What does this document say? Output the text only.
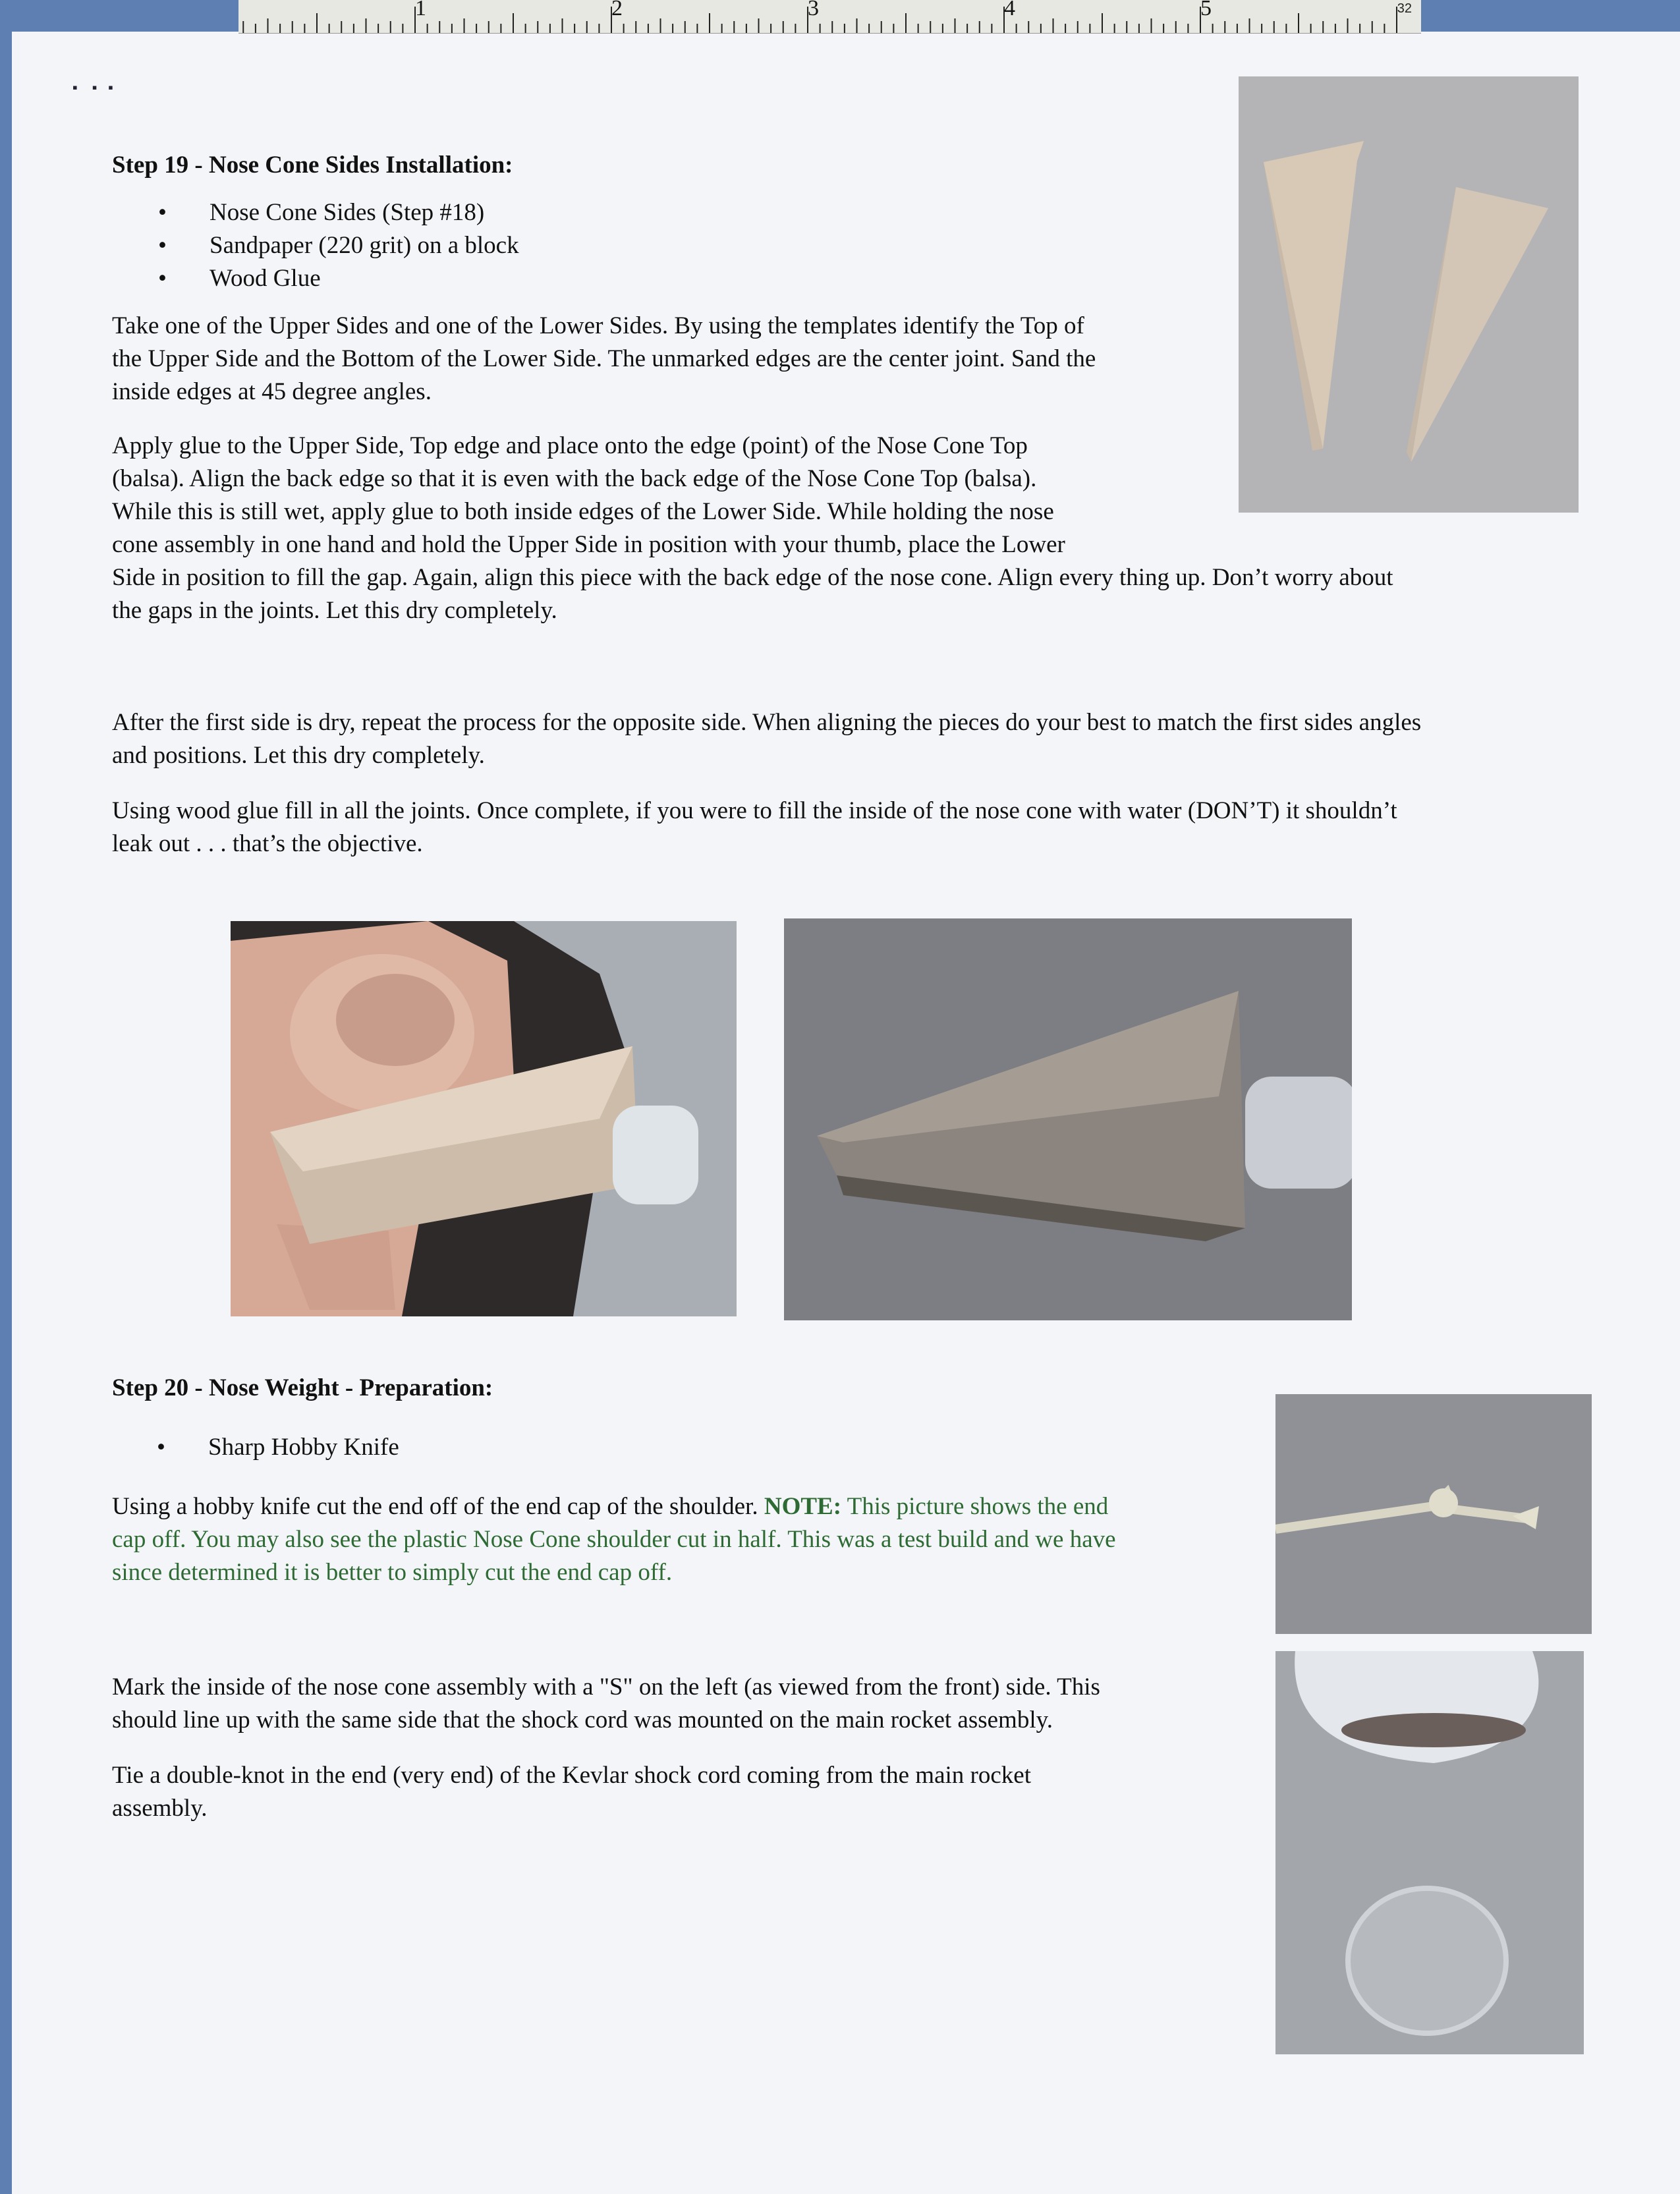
1	2	3	4	5	32
▪    ▪   ▪
Step 19 - Nose Cone Sides Installation:
• Nose Cone Sides (Step #18)
• Sandpaper (220 grit) on a block
• Wood Glue
Take one of the Upper Sides and one of the Lower Sides. By using the templates identify the Top of
the Upper Side and the Bottom of the Lower Side. The unmarked edges are the center joint. Sand the
inside edges at 45 degree angles.
Apply glue to the Upper Side, Top edge and place onto the edge (point) of the Nose Cone Top
(balsa). Align the back edge so that it is even with the back edge of the Nose Cone Top (balsa).
While this is still wet, apply glue to both inside edges of the Lower Side. While holding the nose
cone assembly in one hand and hold the Upper Side in position with your thumb, place the Lower
Side in position to fill the gap. Again, align this piece with the back edge of the nose cone. Align every thing up. Don’t worry about
the gaps in the joints. Let this dry completely.
After the first side is dry, repeat the process for the opposite side. When aligning the pieces do your best to match the first sides angles
and positions. Let this dry completely.
Using wood glue fill in all the joints. Once complete, if you were to fill the inside of the nose cone with water (DON’T) it shouldn’t
leak out . . . that’s the objective.
Step 20 - Nose Weight - Preparation:
• Sharp Hobby Knife
Using a hobby knife cut the end off of the end cap of the shoulder. NOTE: This picture shows the end
cap off. You may also see the plastic Nose Cone shoulder cut in half. This was a test build and we have
since determined it is better to simply cut the end cap off.
Mark the inside of the nose cone assembly with a "S" on the left (as viewed from the front) side. This
should line up with the same side that the shock cord was mounted on the main rocket assembly.
Tie a double-knot in the end (very end) of the Kevlar shock cord coming from the main rocket
assembly.
